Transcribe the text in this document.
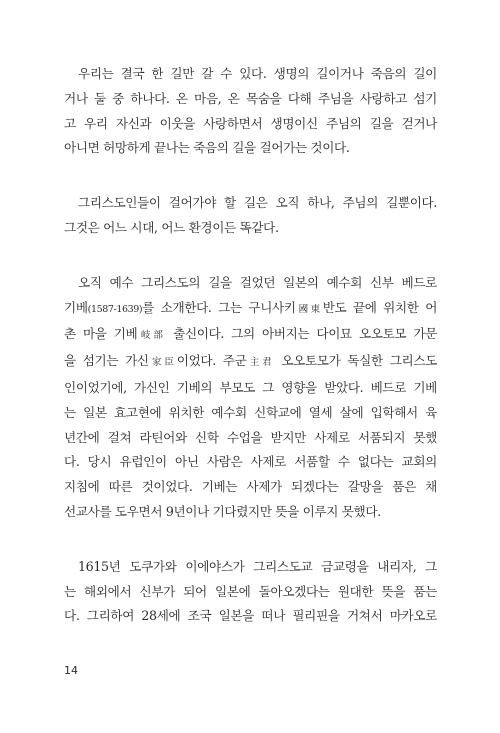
우리는 결국 한 길만 갈 수 있다. 생명의 길이거나 죽음의 길이
거나 둘 중 하나다. 온 마음, 온 목숨을 다해 주님을 사랑하고 섬기
고 우리 자신과 이웃을 사랑하면서 생명이신 주님의 길을 걷거나
아니면 허망하게 끝나는 죽음의 길을 걸어가는 것이다.

그리스도인들이 걸어가야 할 길은 오직 하나, 주님의 길뿐이다.
그것은 어느 시대, 어느 환경이든 똑같다.

오직 예수 그리스도의 길을 걸었던 일본의 예수회 신부 베드로
기베(1587-1639)를 소개한다. 그는 구니사키國東반도 끝에 위치한 어
촌 마을 기베岐部 출신이다. 그의 아버지는 다이묘 오오토모 가문
을 섬기는 가신家臣이었다. 주군主君 오오토모가 독실한 그리스도
인이었기에, 가신인 기베의 부모도 그 영향을 받았다. 베드로 기베
는 일본 효고현에 위치한 예수회 신학교에 열세 살에 입학해서 육
년간에 걸쳐 라틴어와 신학 수업을 받지만 사제로 서품되지 못했
다. 당시 유럽인이 아닌 사람은 사제로 서품할 수 없다는 교회의
지침에 따른 것이었다. 기베는 사제가 되겠다는 갈망을 품은 채
선교사를 도우면서 9년이나 기다렸지만 뜻을 이루지 못했다.

1615년 도쿠가와 이에야스가 그리스도교 금교령을 내리자, 그
는 해외에서 신부가 되어 일본에 돌아오겠다는 원대한 뜻을 품는
다. 그리하여 28세에 조국 일본을 떠나 필리핀을 거쳐서 마카오로

14
